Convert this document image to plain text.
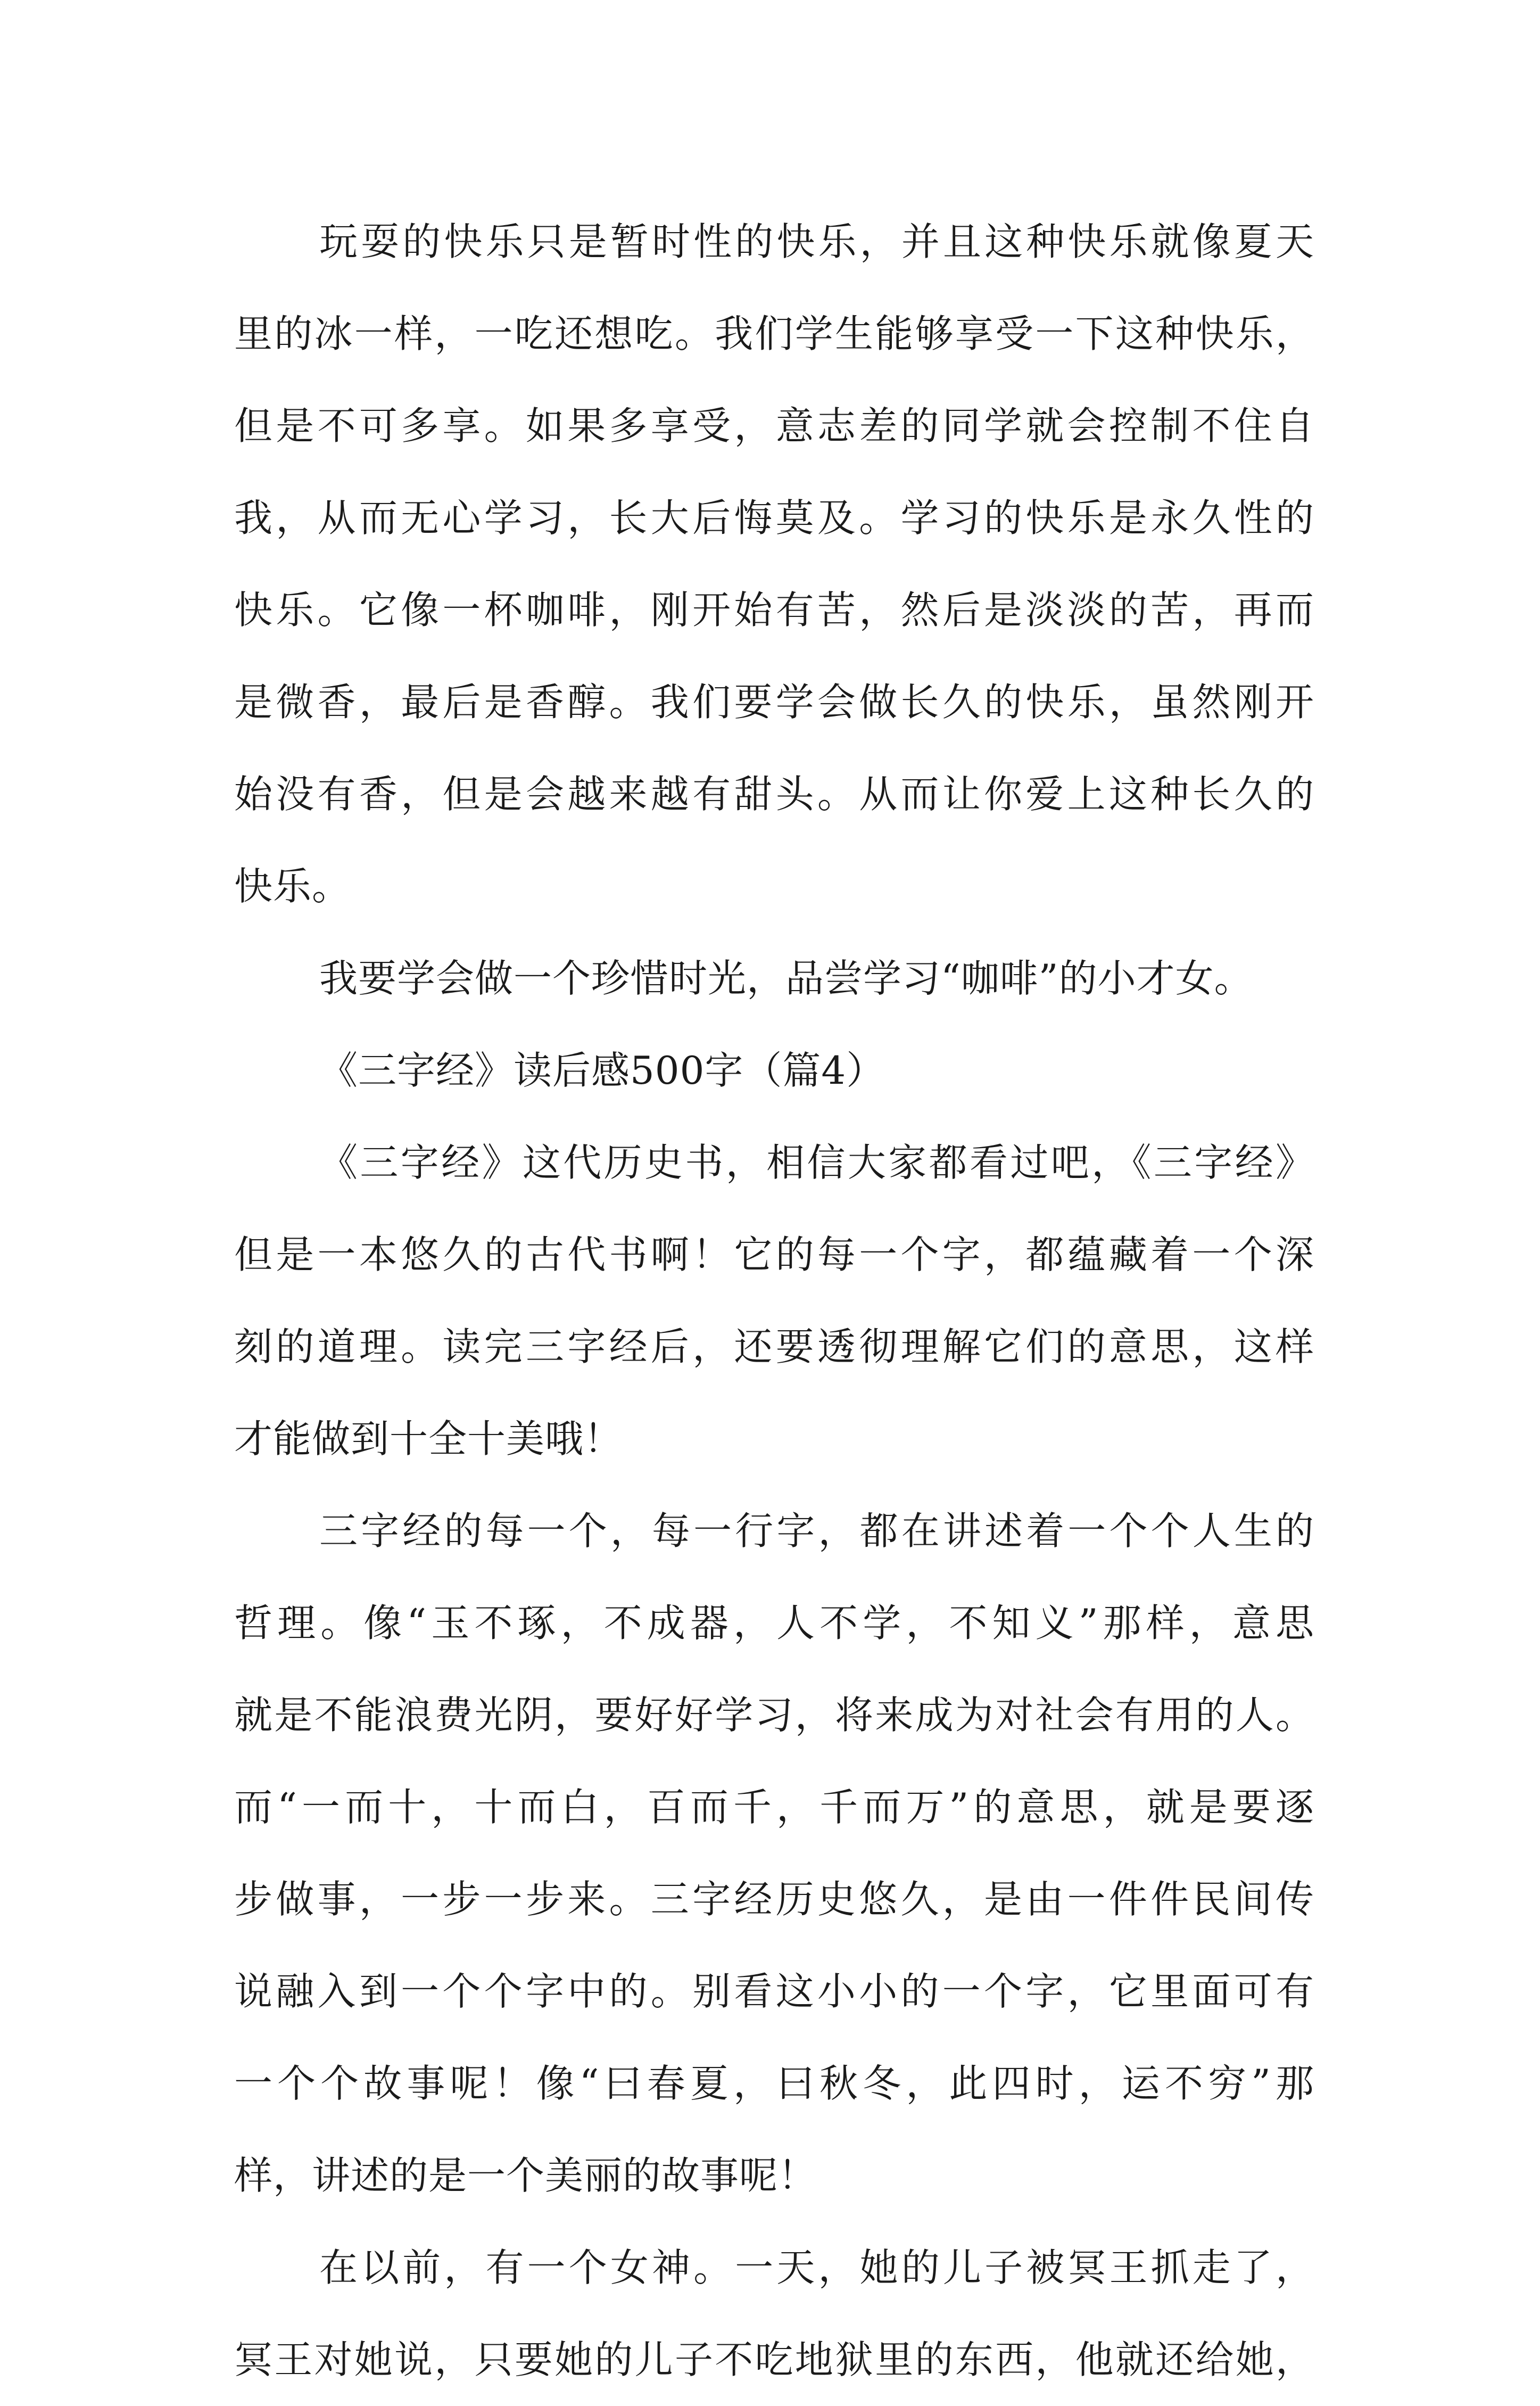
玩耍的快乐只是暂时性的快乐，并且这种快乐就像夏天
里的冰一样，一吃还想吃。我们学生能够享受一下这种快乐，
但是不可多享。如果多享受，意志差的同学就会控制不住自
我，从而无心学习，长大后悔莫及。学习的快乐是永久性的
快乐。它像一杯咖啡，刚开始有苦，然后是淡淡的苦，再而
是微香，最后是香醇。我们要学会做长久的快乐，虽然刚开
始没有香，但是会越来越有甜头。从而让你爱上这种长久的
快乐。
我要学会做一个珍惜时光，品尝学习“咖啡”的小才女。
《三字经》读后感500字（篇4）
《三字经》这代历史书，相信大家都看过吧，《三字经》
但是一本悠久的古代书啊！它的每一个字，都蕴藏着一个深
刻的道理。读完三字经后，还要透彻理解它们的意思，这样
才能做到十全十美哦！
三字经的每一个，每一行字，都在讲述着一个个人生的
哲理。像“玉不琢，不成器，人不学，不知义”那样，意思
就是不能浪费光阴，要好好学习，将来成为对社会有用的人。
而“一而十，十而白，百而千，千而万”的意思，就是要逐
步做事，一步一步来。三字经历史悠久，是由一件件民间传
说融入到一个个字中的。别看这小小的一个字，它里面可有
一个个故事呢！像“曰春夏，曰秋冬，此四时，运不穷”那
样，讲述的是一个美丽的故事呢！
在以前，有一个女神。一天，她的儿子被冥王抓走了，
冥王对她说，只要她的儿子不吃地狱里的东西，他就还给她，
